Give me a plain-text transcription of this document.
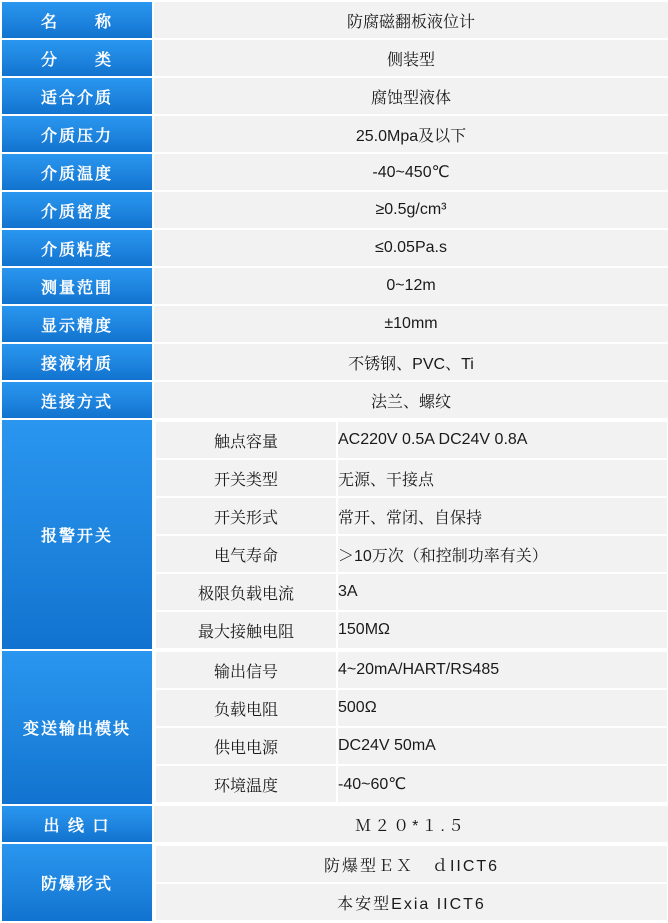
名　　称	防腐磁翻板液位计
分　　类	侧装型
适合介质	腐蚀型液体
介质压力	25.0Mpa及以下
介质温度	-40~450℃
介质密度	≥0.5g/cm³
介质粘度	≤0.05Pa.s
测量范围	0~12m
显示精度	±10mm
接液材质	不锈钢、PVC、Ti
连接方式	法兰、螺纹
报警开关	
触点容量	AC220V 0.5A DC24V 0.8A
开关类型	无源、干接点
开关形式	常开、常闭、自保持
电气寿命	＞10万次（和控制功率有关）
极限负载电流	3A
最大接触电阻	150MΩ

变送输出模块	
输出信号	4~20mA/HART/RS485
负载电阻	500Ω
供电电源	DC24V 50mA
环境温度	-40~60℃

出 线 口	Ｍ２０*１.５
防爆形式	
防爆型ＥＸ　ｄIICT6
本安型Exia IICT6
